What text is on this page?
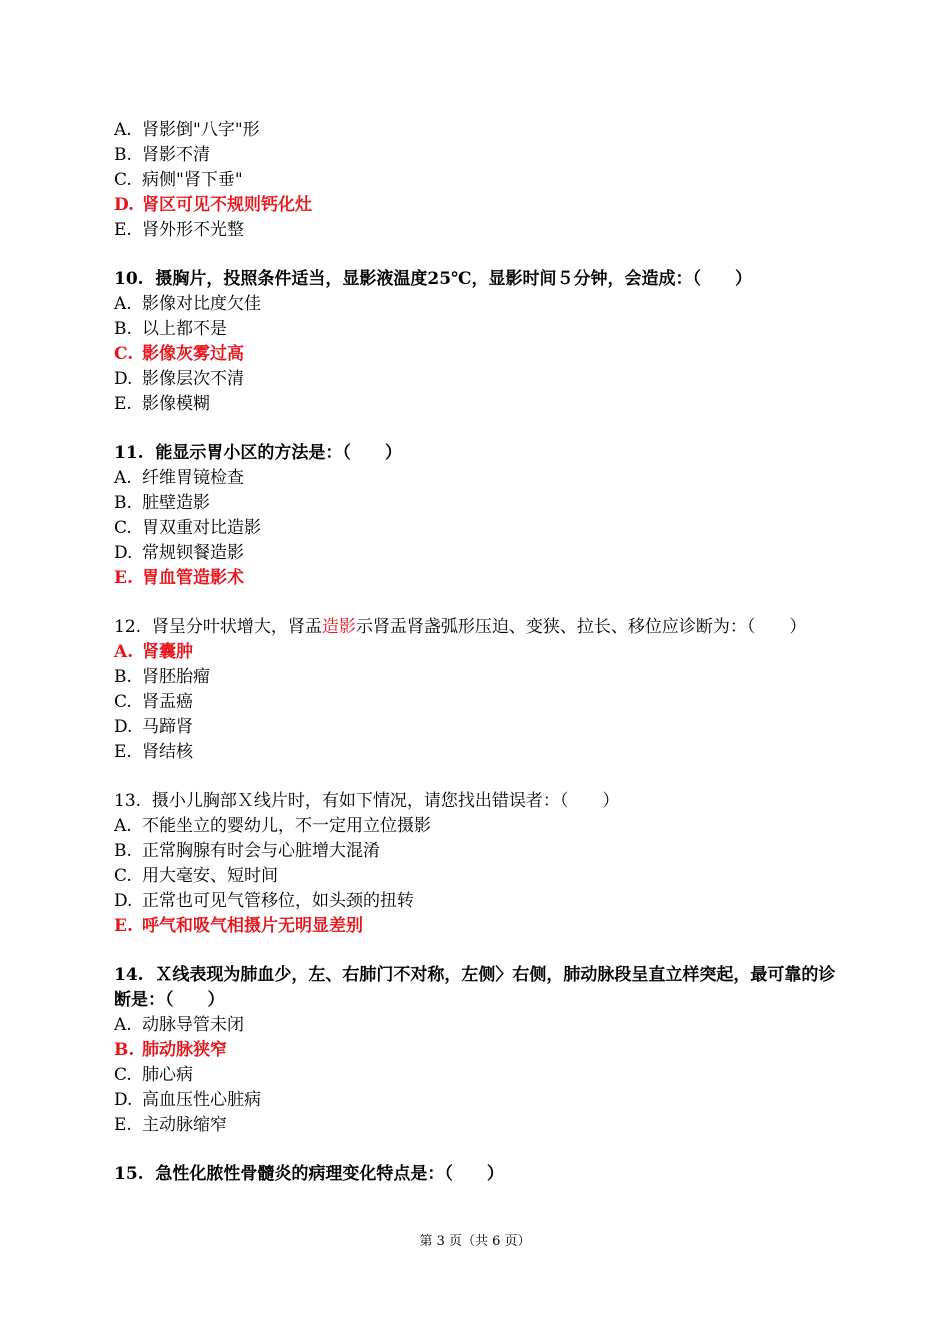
A. 肾影倒"八字"形
B. 肾影不清
C. 病侧"肾下垂"
D. 肾区可见不规则钙化灶
E. 肾外形不光整
10. 摄胸片，投照条件适当，显影液温度25℃，显影时间５分钟，会造成：（　　）
A. 影像对比度欠佳
B. 以上都不是
C. 影像灰雾过高
D. 影像层次不清
E. 影像模糊
11. 能显示胃小区的方法是：（　　）
A. 纤维胃镜检查
B. 脏壁造影
C. 胃双重对比造影
D. 常规钡餐造影
E. 胃血管造影术
12. 肾呈分叶状增大，肾盂造影示肾盂肾盏弧形压迫、变狭、拉长、移位应诊断为：（　　）
A. 肾囊肿
B. 肾胚胎瘤
C. 肾盂癌
D. 马蹄肾
E. 肾结核
13. 摄小儿胸部Ｘ线片时，有如下情况，请您找出错误者：（　　）
A. 不能坐立的婴幼儿，不一定用立位摄影
B. 正常胸腺有时会与心脏增大混淆
C. 用大毫安、短时间
D. 正常也可见气管移位，如头颈的扭转
E. 呼气和吸气相摄片无明显差别
14. Ｘ线表现为肺血少，左、右肺门不对称，左侧〉右侧，肺动脉段呈直立样突起，最可靠的诊断是：（　　）
A. 动脉导管未闭
B. 肺动脉狭窄
C. 肺心病
D. 高血压性心脏病
E. 主动脉缩窄
15. 急性化脓性骨髓炎的病理变化特点是：（　　）
第 3 页（共 6 页）
